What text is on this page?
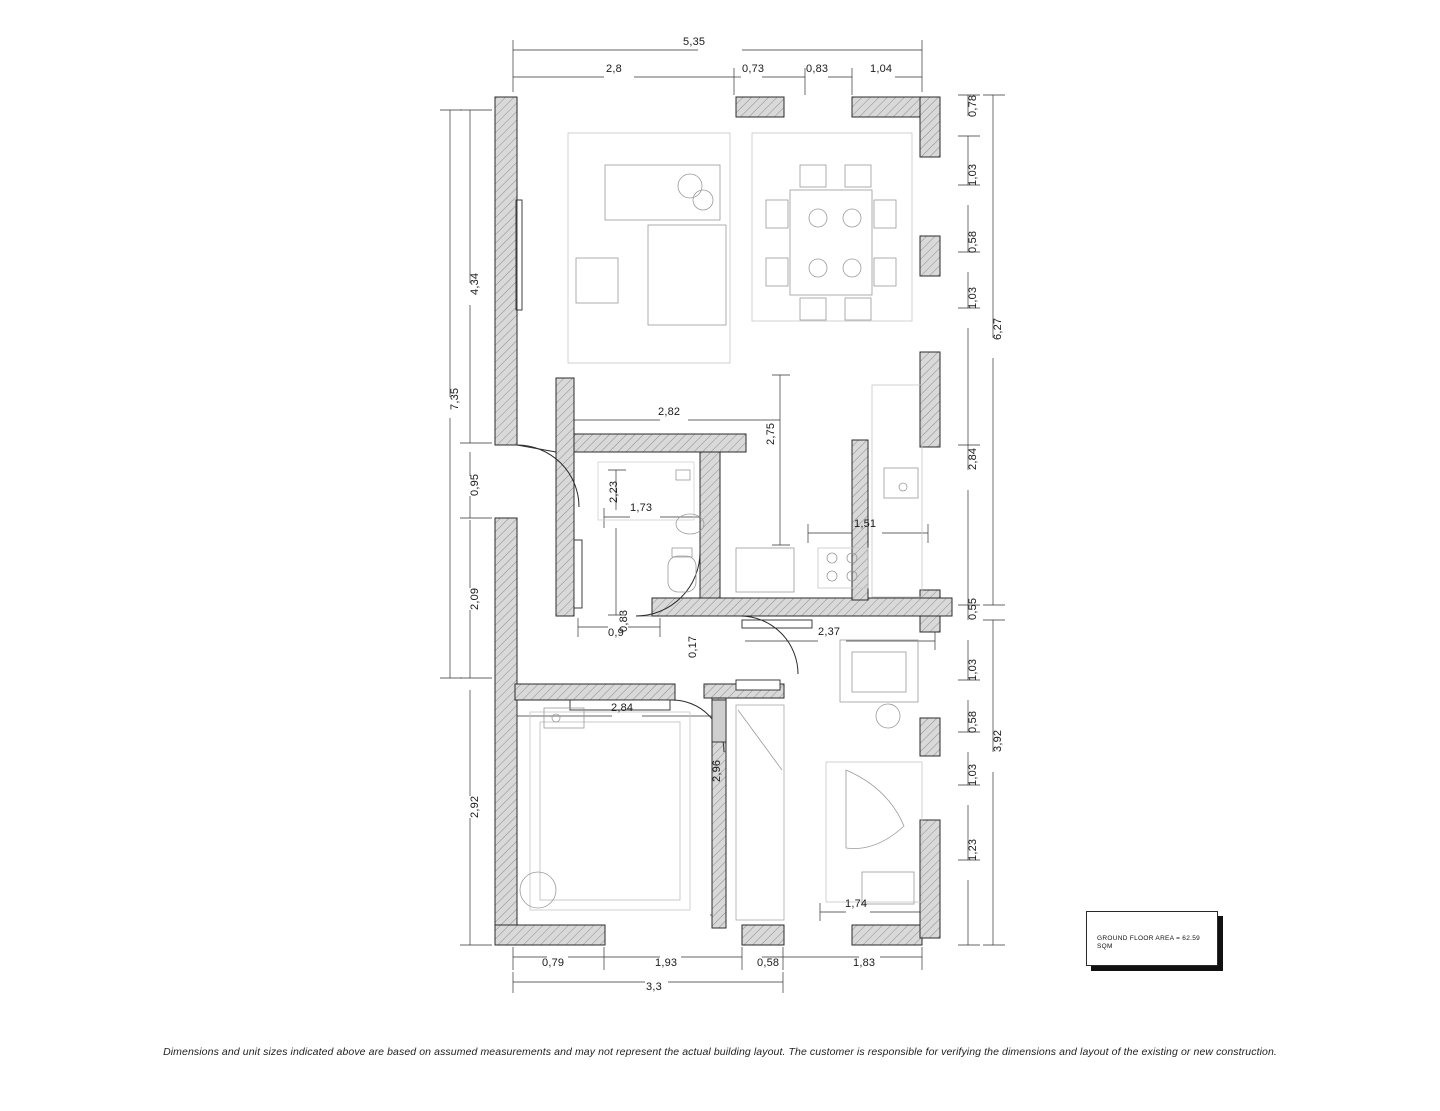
5,35
2,8	0,73	0,83	1,04
4,34
7,35
0,95
2,09
2,92
0,78
1,03
0,58
1,03
6,27
2,84
0,55
1,03
0,58
3,92
1,03
1,23
0,79	1,93	0,58	1,83
3,3
2,82
2,75
1,73
2,23
1,51
0,9
0,83	2,37
0,17
2,84
2,96
1,74
GROUND FLOOR AREA = 62.59 SQM
Dimensions and unit sizes indicated above are based on assumed measurements and may not represent the actual building layout. The customer is responsible for verifying the dimensions and layout of the existing or new construction.
